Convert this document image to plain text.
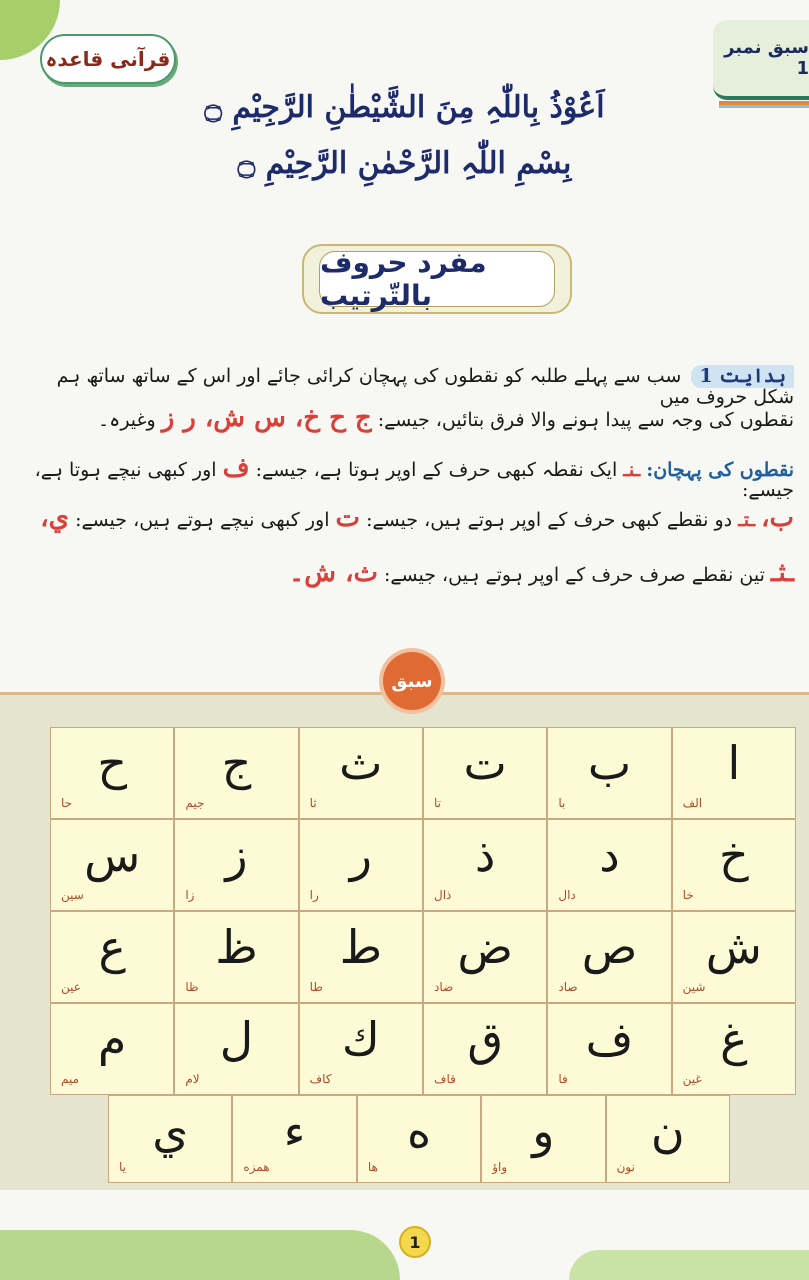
قرآنی قاعدہ	سبق نمبر 1
اَعُوْذُ بِاللّٰہِ مِنَ الشَّیْطٰنِ الرَّجِیْمِ ۝
بِسْمِ اللّٰہِ الرَّحْمٰنِ الرَّحِیْمِ ۝
مفرد حروف بالتّرتیب
ہدایت 1سب سے پہلے طلبہ کو نقطوں کی پہچان کرائی جائے اور اس کے ساتھ ساتھ ہم شکل حروف میں
نقطوں کی وجہ سے پیدا ہونے والا فرق بتائیں، جیسے: ج ح خ، س ش، ر ز وغیرہ۔
نقطوں کی پہچان: ـنـ ایک نقطہ کبھی حرف کے اوپر ہوتا ہے، جیسے: ف اور کبھی نیچے ہوتا ہے، جیسے:
ب، ـتـ دو نقطے کبھی حرف کے اوپر ہوتے ہیں، جیسے: ت اور کبھی نیچے ہوتے ہیں، جیسے: ي،
ـثـ تین نقطے صرف حرف کے اوپر ہوتے ہیں، جیسے: ث، ش۔
سبق
ا
الف
ب
با
ت
تا
ث
ثا
ج
جیم
ح
حا
خ
خا
د
دال
ذ
ذال
ر
را
ز
زا
س
سین
ش
شین
ص
صاد
ض
ضاد
ط
طا
ظ
ظا
ع
عین
غ
غین
ف
فا
ق
قاف
ك
کاف
ل
لام
م
میم
ن
نون
و
واؤ
ه
ها
ء
همزه
ي
یا
1
